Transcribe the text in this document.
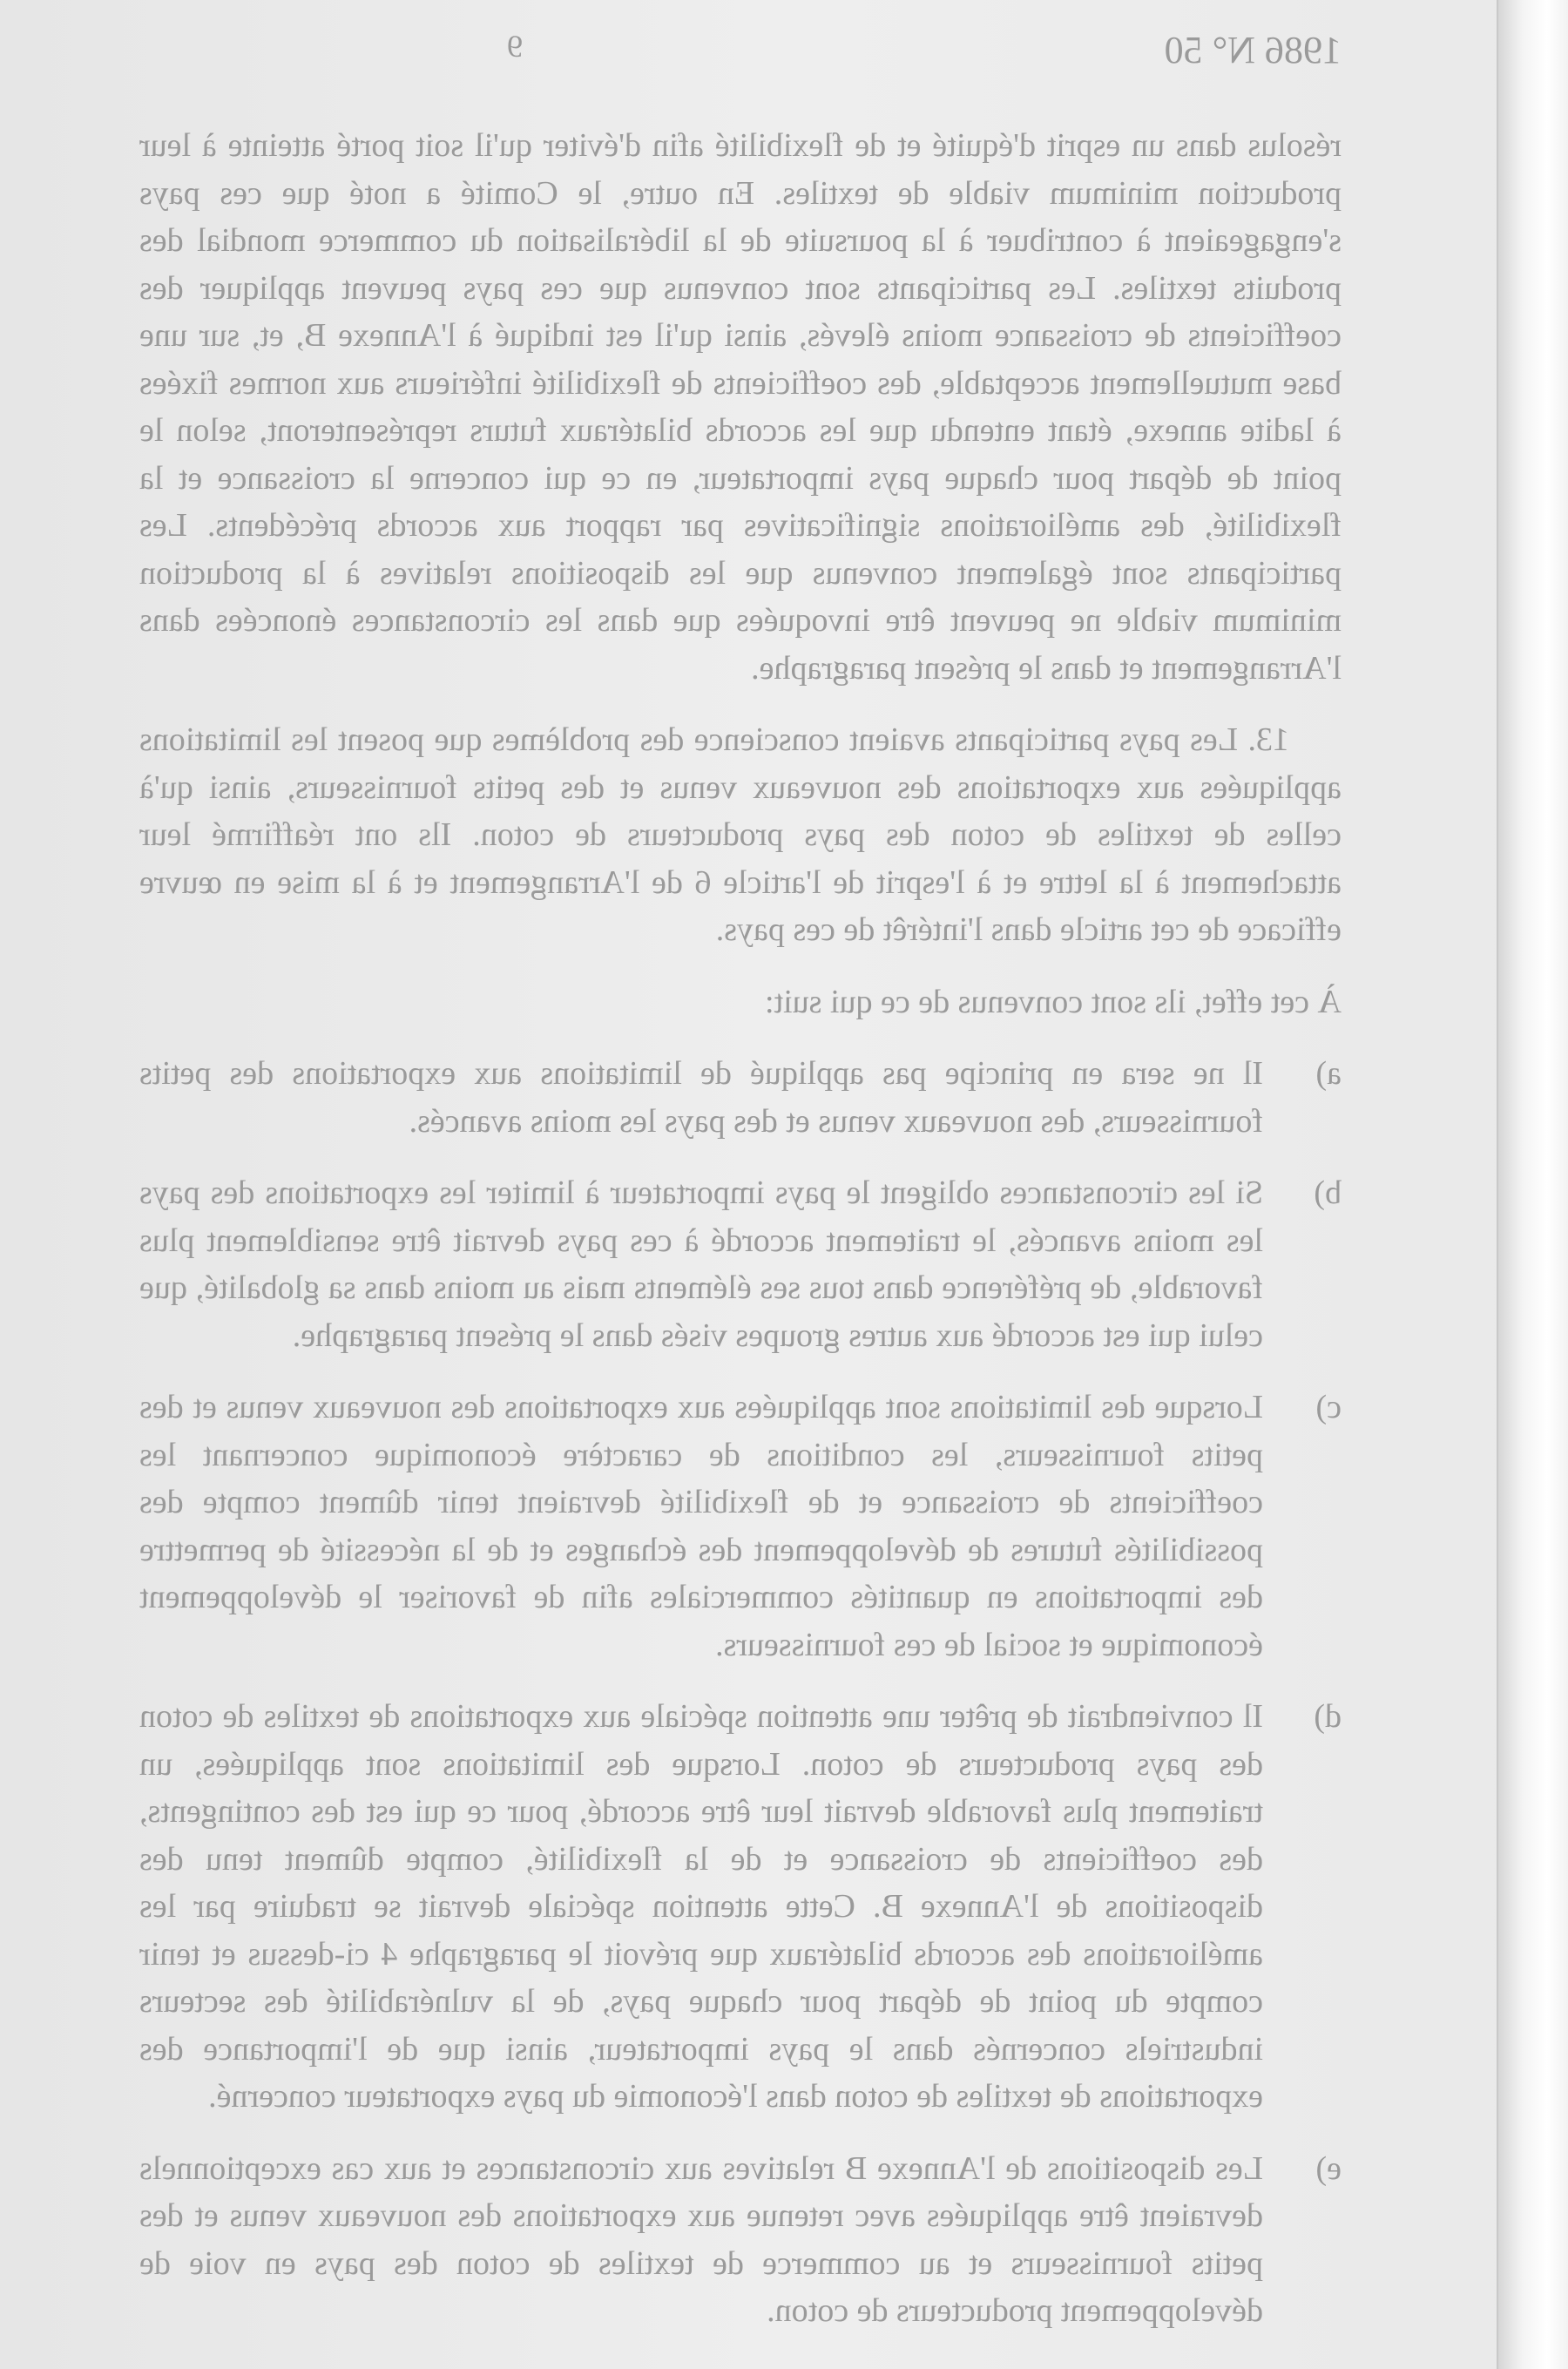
1986 N° 50
9

résolus dans un esprit d'équité et de flexibilité afin d'éviter qu'il soit porté atteinte à leur production minimum viable de textiles. En outre, le Comité a noté que ces pays s'engageaient à contribuer à la poursuite de la libéralisation du commerce mondial des produits textiles. Les participants sont convenus que ces pays peuvent appliquer des coefficients de croissance moins élevés, ainsi qu'il est indiqué à l'Annexe B, et, sur une base mutuellement acceptable, des coefficients de flexibilité inférieurs aux normes fixées à ladite annexe, étant entendu que les accords bilatéraux futurs représenteront, selon le point de départ pour chaque pays importateur, en ce qui concerne la croissance et la flexibilité, des améliorations significatives par rapport aux accords précédents. Les participants sont également convenus que les dispositions relatives à la production minimum viable ne peuvent être invoquées que dans les circonstances énoncées dans l'Arrangement et dans le présent paragraphe.

13. Les pays participants avaient conscience des problèmes que posent les limitations appliquées aux exportations des nouveaux venus et des petits fournisseurs, ainsi qu'à celles de textiles de coton des pays producteurs de coton. Ils ont réaffirmé leur attachement à la lettre et à l'esprit de l'article 6 de l'Arrangement et à la mise en œuvre efficace de cet article dans l'intérêt de ces pays.

À cet effet, ils sont convenus de ce qui suit:

a)
Il ne sera en principe pas appliqué de limitations aux exportations des petits fournisseurs, des nouveaux venus et des pays les moins avancés.
b)
Si les circonstances obligent le pays importateur à limiter les exportations des pays les moins avancés, le traitement accordé à ces pays devrait être sensiblement plus favorable, de préférence dans tous ses éléments mais au moins dans sa globalité, que celui qui est accordé aux autres groupes visés dans le présent paragraphe.
c)
Lorsque des limitations sont appliquées aux exportations des nouveaux venus et des petits fournisseurs, les conditions de caractère économique concernant les coefficients de croissance et de flexibilité devraient tenir dûment compte des possibilités futures de développement des échanges et de la nécessité de permettre des importations en quantités commerciales afin de favoriser le développement économique et social de ces fournisseurs.
d)
Il conviendrait de prêter une attention spéciale aux exportations de textiles de coton des pays producteurs de coton. Lorsque des limitations sont appliquées, un traitement plus favorable devrait leur être accordé, pour ce qui est des contingents, des coefficients de croissance et de la flexibilité, compte dûment tenu des dispositions de l'Annexe B. Cette attention spéciale devrait se traduire par les améliorations des accords bilatéraux que prévoit le paragraphe 4 ci-dessus et tenir compte du point de départ pour chaque pays, de la vulnérabilité des secteurs industriels concernés dans le pays importateur, ainsi que de l'importance des exportations de textiles de coton dans l'économie du pays exportateur concerné.
e)
Les dispositions de l'Annexe B relatives aux circonstances et aux cas exceptionnels devraient être appliquées avec retenue aux exportations des nouveaux venus et des petits fournisseurs et au commerce de textiles de coton des pays en voie de développement producteurs de coton.
